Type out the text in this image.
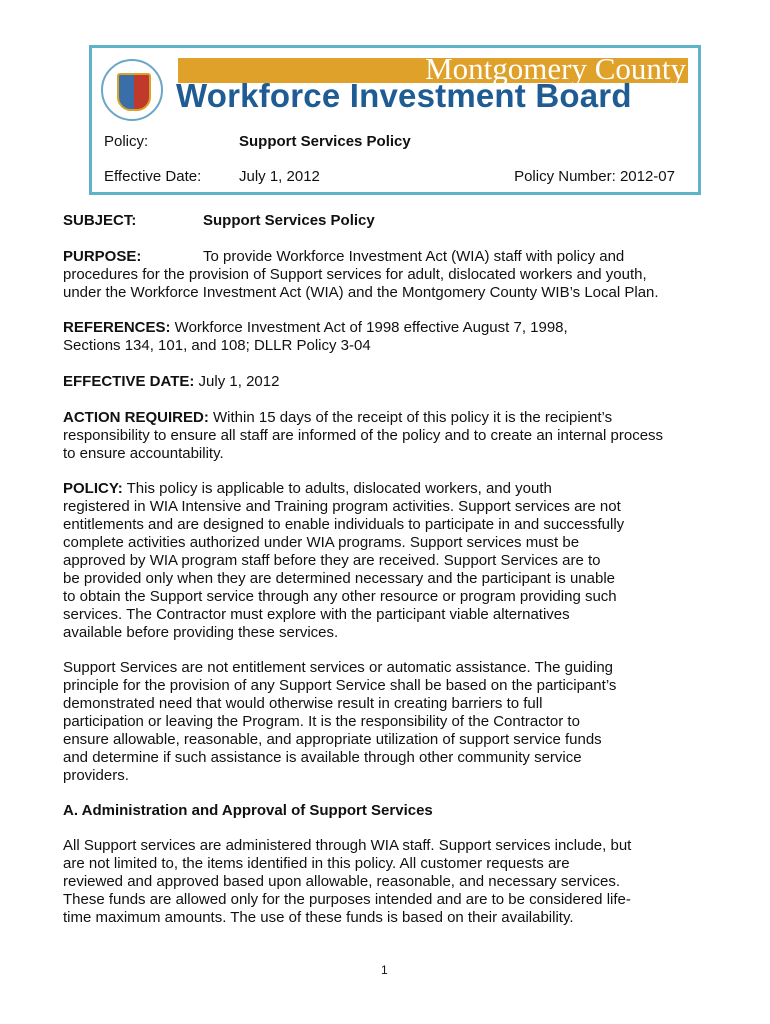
Montgomery County
Workforce Investment Board
Policy:	Support Services Policy
Effective Date:	July 1, 2012	Policy Number: 2012-07
SUBJECT:	Support Services Policy
PURPOSE:	To provide Workforce Investment Act (WIA) staff with policy and
procedures for the provision of Support services for adult, dislocated workers and youth,
under the Workforce Investment Act (WIA) and the Montgomery County WIB’s Local Plan.
REFERENCES: Workforce Investment Act of 1998 effective August 7, 1998,
Sections 134, 101, and 108; DLLR Policy 3-04
EFFECTIVE DATE: July 1, 2012
ACTION REQUIRED: Within 15 days of the receipt of this policy it is the recipient’s
responsibility to ensure all staff are informed of the policy and to create an internal process
to ensure accountability.
POLICY: This policy is applicable to adults, dislocated workers, and youth
registered in WIA Intensive and Training program activities. Support services are not
entitlements and are designed to enable individuals to participate in and successfully
complete activities authorized under WIA programs. Support services must be
approved by WIA program staff before they are received. Support Services are to
be provided only when they are determined necessary and the participant is unable
to obtain the Support service through any other resource or program providing such
services. The Contractor must explore with the participant viable alternatives
available before providing these services.
Support Services are not entitlement services or automatic assistance. The guiding
principle for the provision of any Support Service shall be based on the participant’s
demonstrated need that would otherwise result in creating barriers to full
participation or leaving the Program. It is the responsibility of the Contractor to
ensure allowable, reasonable, and appropriate utilization of support service funds
and determine if such assistance is available through other community service
providers.
A. Administration and Approval of Support Services
All Support services are administered through WIA staff. Support services include, but
are not limited to, the items identified in this policy. All customer requests are
reviewed and approved based upon allowable, reasonable, and necessary services.
These funds are allowed only for the purposes intended and are to be considered life-
time maximum amounts. The use of these funds is based on their availability.
1
